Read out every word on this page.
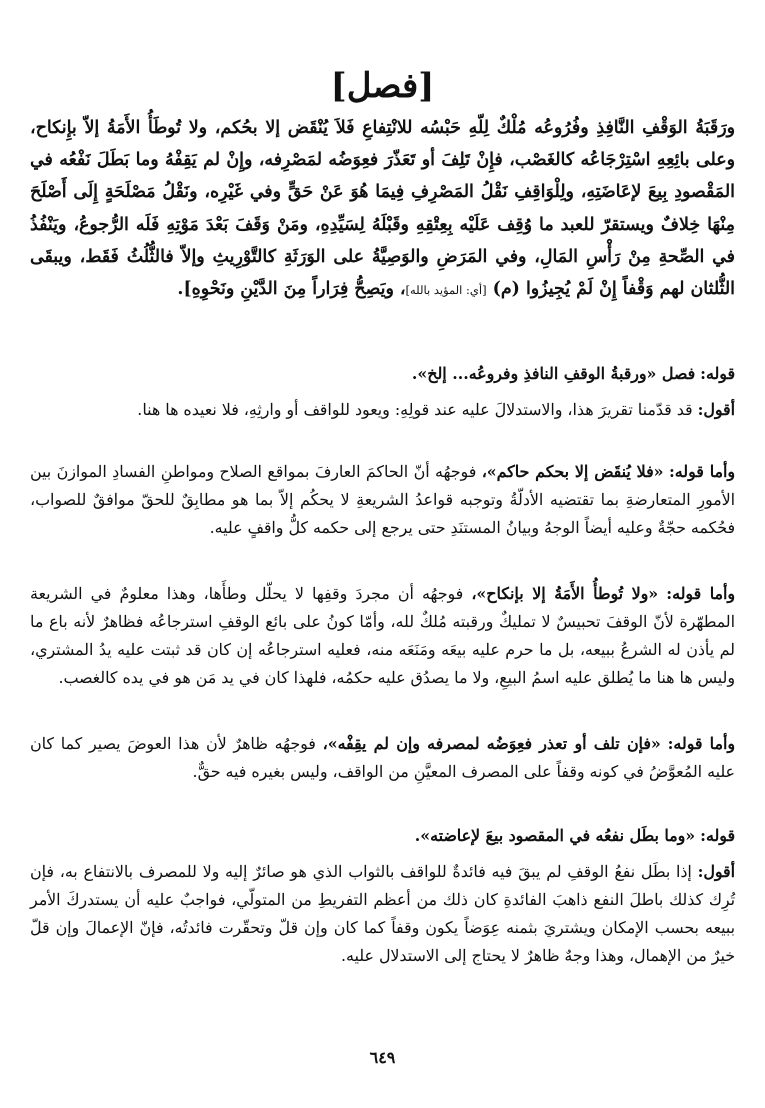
[فصل]
ورَقَبَةُ الوَقْفِ النَّافِذِ وفُرُوعُه مُلْكٌ لِلّهِ حَبْسُه للانْتِفاعِ فَلاَ يُنْقَض إلا بحُكم، ولا تُوطَأُ الأَمَةُ إلاّ بإِنكاح، وعلى بائِعِهِ اسْتِرْجَاعُه كالغَصْب، فإِنْ تَلِفَ أو تَعَذّرَ فعِوَضُه لمَصْرِفه، وإِنْ لم يَقِفْهُ وما بَطَلَ نَفْعُه في المَقْصودِ بِيعَ لإعَاضَتِهِ، ولِلْوَاقِفِ نَقْلُ المَصْرِفِ فِيمَا هُوَ عَنْ حَقٍّ وفي غَيْرِه، ونَقْلُ مَصْلَحَةٍ إِلَى أَصْلَحَ مِنْهَا خِلافٌ ويستقرّ للعبد ما وُقِف عَلَيْه بِعِتْقِهِ وقَبْلَهُ لِسَيِّدِهِ، ومَنْ وَقَفَ بَعْدَ مَوْتِهِ فَلَه الرُّجوعُ، ويَنْفُذُ في الصِّحةِ مِنْ رَأْسِ المَالِ، وفي المَرَضِ والوَصِيَّةُ على الوَرَثَةِ كالتَّوْرِيثِ وإلاّ فالثُّلُثُ فَقَط، ويبقَى الثُّلثان لهم وَقْفاً إِنْ لَمْ يُجِيزُوا (م) [أي: المؤيد بالله]، ويَصِحُّ فِرَاراً مِنَ الدَّيْنِ ونَحْوِهِ].
قوله: فصل «ورقبةُ الوقفِ النافذِ وفروعُه... إلخ».
أقول: قد قدّمنا تقريرَ هذا، والاستدلالَ عليه عند قولِهِ: ويعود للواقف أو وارثِهِ، فلا نعيده ها هنا.
وأما قوله: «فلا يُنقَض إلا بحكم حاكم»، فوجهُه أنّ الحاكمَ العارفَ بمواقع الصلاح ومواطنِ الفسادِ الموازنَ بين الأمورِ المتعارضةِ بما تقتضيه الأدلّةُ وتوجبه قواعدُ الشريعةِ لا يحكُم إلاّ بما هو مطابِقٌ للحقّ موافقٌ للصواب، فحُكمه حجّةٌ وعليه أيضاً الوجهُ وبيانُ المستنَدِ حتى يرجع إلى حكمه كلُّ واقفٍ عليه.
وأما قوله: «ولا تُوطأُ الأَمَةُ إلا بإنكاح»، فوجهُه أن مجردَ وقفِها لا يحلّل وطأَها، وهذا معلومٌ في الشريعة المطهّرة لأنّ الوقفَ تحبيسٌ لا تمليكٌ ورقبته مُلكٌ لله، وأمّا كونُ على بائع الوقفِ استرجاعُه فظاهرٌ لأنه باع ما لم يأذن له الشرعُ ببيعه، بل ما حرم عليه بيعَه ومَنَعَه منه، فعليه استرجاعُه إن كان قد ثبتت عليه يدُ المشتري، وليس ها هنا ما يُطلق عليه اسمُ البيعِ، ولا ما يصدُق عليه حكمُه، فلهذا كان في يد مَن هو في يده كالغصب.
وأما قوله: «فإن تلف أو تعذر فعِوَضُه لمصرفه وإن لم يقِفْه»، فوجهُه ظاهرٌ لأن هذا العوضَ يصير كما كان عليه المُعوَّضُ في كونه وقفاً على المصرف المعيَّنِ من الواقف، وليس بغيره فيه حقٌّ.
قوله: «وما بطَل نفعُه في المقصود بيعَ لإعاضته».
أقول: إذا بطَل نفعُ الوقفِ لم يبقَ فيه فائدةٌ للواقف بالثواب الذي هو صائرٌ إليه ولا للمصرف بالانتفاع به، فإن تُرِك كذلك باطلَ النفع ذاهبَ الفائدةِ كان ذلك من أعظم التفريطِ من المتولّي، فواجبٌ عليه أن يستدركَ الأمر ببيعه بحسب الإمكان ويشتريَ بثمنه عِوَضاً يكون وقفاً كما كان وإن قلّ وتحقّرت فائدتُه، فإنّ الإعمالَ وإن قلّ خيرٌ من الإهمال، وهذا وجهٌ ظاهرٌ لا يحتاج إلى الاستدلال عليه.
٦٤٩
